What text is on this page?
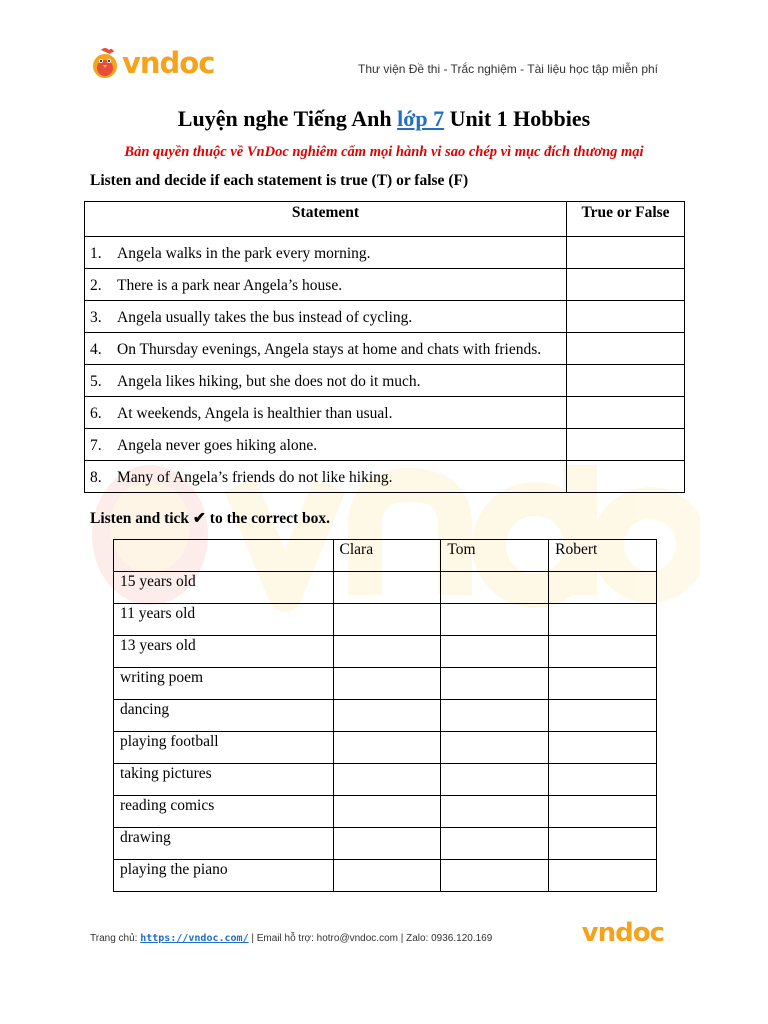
vndoc	Thư viện Đề thi - Trắc nghiệm - Tài liệu học tập miễn phí
Luyện nghe Tiếng Anh lớp 7 Unit 1 Hobbies
Bản quyền thuộc về VnDoc nghiêm cấm mọi hành vi sao chép vì mục đích thương mại
Listen and decide if each statement is true (T) or false (F)
Statement	True or False
1. Angela walks in the park every morning.	
2. There is a park near Angela’s house.	
3. Angela usually takes the bus instead of cycling.	
4. On Thursday evenings, Angela stays at home and chats with friends.	
5. Angela likes hiking, but she does not do it much.	
6. At weekends, Angela is healthier than usual.	
7. Angela never goes hiking alone.	
8. Many of Angela’s friends do not like hiking.	
Listen and tick ✔ to the correct box.
	Clara	Tom	Robert
15 years old			
11 years old			
13 years old			
writing poem			
dancing			
playing football			
taking pictures			
reading comics			
drawing			
playing the piano			
Trang chủ: https://vndoc.com/ | Email hỗ trợ: hotro@vndoc.com | Zalo: 0936.120.169	vndoc
